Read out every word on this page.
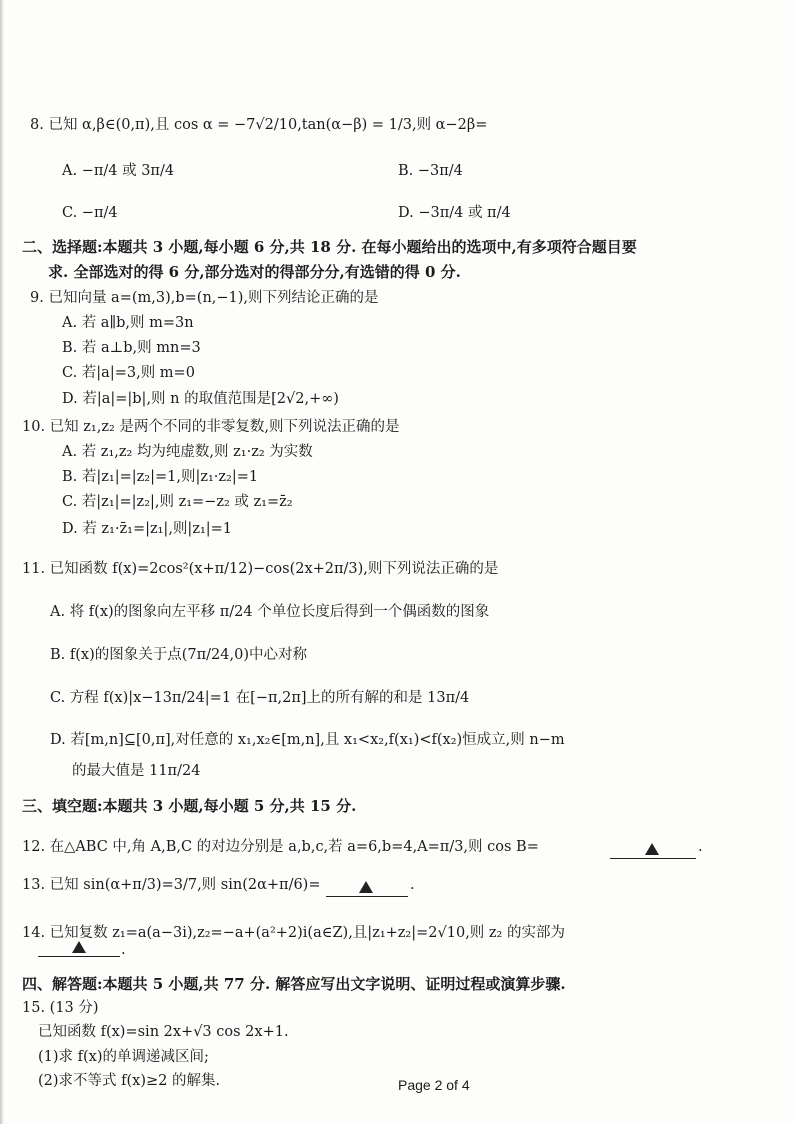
8. 已知 α,β∈(0,π),且 cos α = −7√2/10,tan(α−β) = 1/3,则 α−2β=
A. −π/4 或 3π/4	B. −3π/4
C. −π/4	D. −3π/4 或 π/4
二、选择题:本题共 3 小题,每小题 6 分,共 18 分. 在每小题给出的选项中,有多项符合题目要
求. 全部选对的得 6 分,部分选对的得部分分,有选错的得 0 分.
9. 已知向量 a=(m,3),b=(n,−1),则下列结论正确的是
A. 若 a∥b,则 m=3n
B. 若 a⊥b,则 mn=3
C. 若|a|=3,则 m=0
D. 若|a|=|b|,则 n 的取值范围是[2√2,+∞)
10. 已知 z₁,z₂ 是两个不同的非零复数,则下列说法正确的是
A. 若 z₁,z₂ 均为纯虚数,则 z₁·z₂ 为实数
B. 若|z₁|=|z₂|=1,则|z₁·z₂|=1
C. 若|z₁|=|z₂|,则 z₁=−z₂ 或 z₁=z̄₂
D. 若 z₁·z̄₁=|z₁|,则|z₁|=1
11. 已知函数 f(x)=2cos²(x+π/12)−cos(2x+2π/3),则下列说法正确的是
A. 将 f(x)的图象向左平移 π/24 个单位长度后得到一个偶函数的图象
B. f(x)的图象关于点(7π/24,0)中心对称
C. 方程 f(x)|x−13π/24|=1 在[−π,2π]上的所有解的和是 13π/4
D. 若[m,n]⊆[0,π],对任意的 x₁,x₂∈[m,n],且 x₁<x₂,f(x₁)<f(x₂)恒成立,则 n−m
的最大值是 11π/24
三、填空题:本题共 3 小题,每小题 5 分,共 15 分.
12. 在△ABC 中,角 A,B,C 的对边分别是 a,b,c,若 a=6,b=4,A=π/3,则 cos B=	.
13. 已知 sin(α+π/3)=3/7,则 sin(2α+π/6)=	.
14. 已知复数 z₁=a(a−3i),z₂=−a+(a²+2)i(a∈Z),且|z₁+z₂|=2√10,则 z₂ 的实部为
.
四、解答题:本题共 5 小题,共 77 分. 解答应写出文字说明、证明过程或演算步骤.
15. (13 分)
已知函数 f(x)=sin 2x+√3 cos 2x+1.
(1)求 f(x)的单调递减区间;
(2)求不等式 f(x)≥2 的解集.	Page 2 of 4
